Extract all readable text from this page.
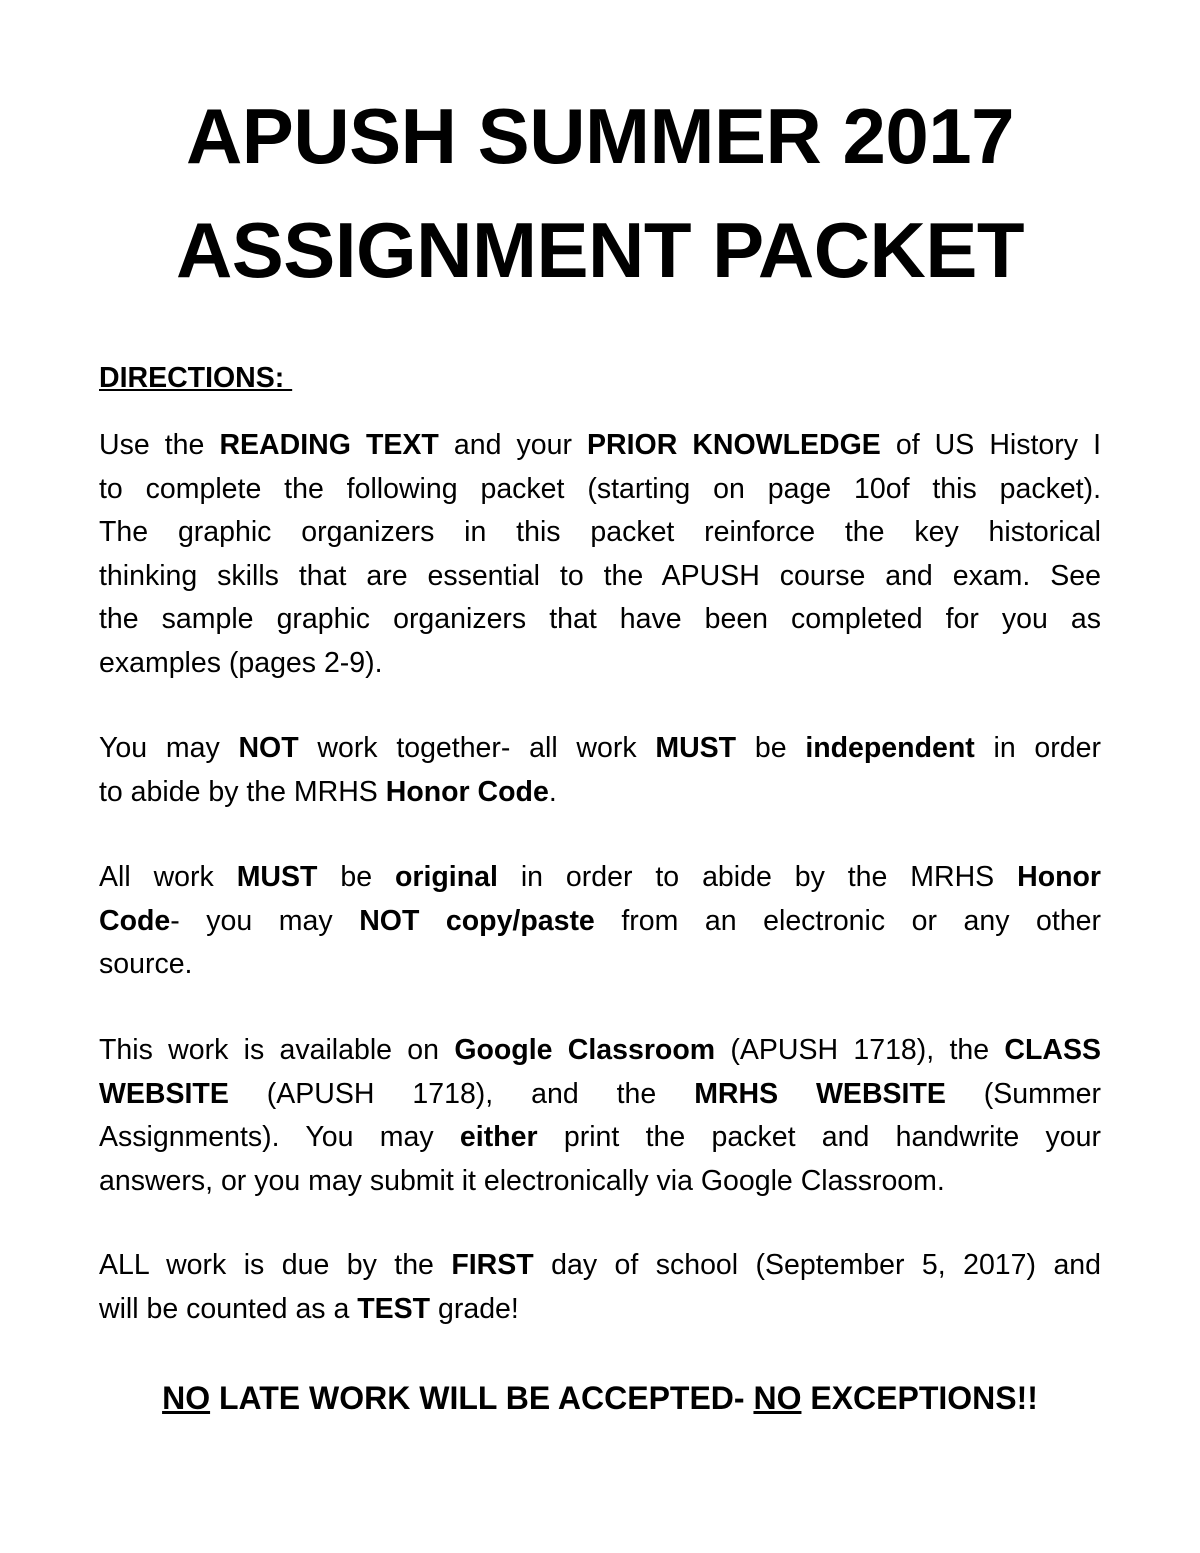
APUSH SUMMER 2017
ASSIGNMENT PACKET
DIRECTIONS:
Use the READING TEXT and your PRIOR KNOWLEDGE of US History I
to complete the following packet (starting on page 10of this packet).
The graphic organizers in this packet reinforce the key historical
thinking skills that are essential to the APUSH course and exam. See
the sample graphic organizers that have been completed for you as
examples (pages 2-9).
You may NOT work together- all work MUST be independent in order
to abide by the MRHS Honor Code.
All work MUST be original in order to abide by the MRHS Honor
Code- you may NOT copy/paste from an electronic or any other
source.
This work is available on Google Classroom (APUSH 1718), the CLASS
WEBSITE (APUSH 1718), and the MRHS WEBSITE (Summer
Assignments). You may either print the packet and handwrite your
answers, or you may submit it electronically via Google Classroom.
ALL work is due by the FIRST day of school (September 5, 2017) and
will be counted as a TEST grade!
NO LATE WORK WILL BE ACCEPTED- NO EXCEPTIONS!!
